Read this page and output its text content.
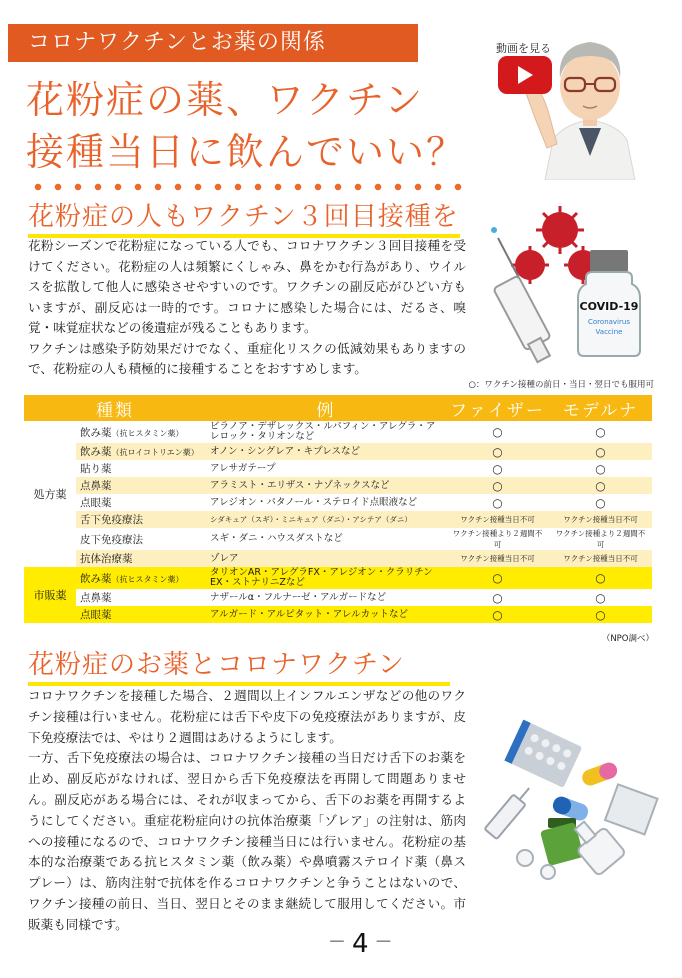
コロナワクチンとお薬の関係
花粉症の薬、ワクチン
接種当日に飲んでいい？
動画を見る
花粉症の人もワクチン３回目接種を

花粉シーズンで花粉症になっている人でも、コロナワクチン３回目接種を受けてください。花粉症の人は頻繁にくしゃみ、鼻をかむ行為があり、ウイルスを拡散して他人に感染させやすいのです。ワクチンの副反応がひどい方もいますが、副反応は一時的です。コロナに感染した場合には、だるさ、嗅覚・味覚症状などの後遺症が残ることもあります。

ワクチンは感染予防効果だけでなく、重症化リスクの低減効果もありますので、花粉症の人も積極的に接種することをおすすめします。

COVID-19
Coronavirus
Vaccine
○：ワクチン接種の前日・当日・翌日でも服用可
種類		例	ファイザー	モデルナ
処方薬	飲み薬（抗ヒスタミン薬）	ビラノア・デザレックス・ルパフィン・アレグラ・アレロック・タリオンなど	○	○
	飲み薬（抗ロイコトリエン薬）	オノン・シングレア・キプレスなど	○	○
	貼り薬	アレサガテープ	○	○
	点鼻薬	アラミスト・エリザス・ナゾネックスなど	○	○
	点眼薬	アレジオン・パタノール・ステロイド点眼液など	○	○
	舌下免疫療法	シダキュア（スギ）・ミニキュア（ダニ）・アシテア（ダニ）	ワクチン接種当日不可	ワクチン接種当日不可
	皮下免疫療法	スギ・ダニ・ハウスダストなど	ワクチン接種より２週間不可	ワクチン接種より２週間不可
	抗体治療薬	ゾレア	ワクチン接種当日不可	ワクチン接種当日不可
市販薬	飲み薬（抗ヒスタミン薬）	タリオンAR・アレグラFX・アレジオン・クラリチンEX・ストナリニZなど	○	○
	点鼻薬	ナザールα・フルナーゼ・アルガードなど	○	○
	点眼薬	アルガード・アルピタット・アレルカットなど	○	○
（NPO調べ）
花粉症のお薬とコロナワクチン

コロナワクチンを接種した場合、２週間以上インフルエンザなどの他のワクチン接種は行いません。花粉症には舌下や皮下の免疫療法がありますが、皮下免疫療法では、やはり２週間はあけるようにします。

一方、舌下免疫療法の場合は、コロナワクチン接種の当日だけ舌下のお薬を止め、副反応がなければ、翌日から舌下免疫療法を再開して問題ありません。副反応がある場合には、それが収まってから、舌下のお薬を再開するようにしてください。重症花粉症向けの抗体治療薬「ゾレア」の注射は、筋肉への接種になるので、コロナワクチン接種当日には行いません。花粉症の基本的な治療薬である抗ヒスタミン薬（飲み薬）や鼻噴霧ステロイド薬（鼻スプレー）は、筋肉注射で抗体を作るコロナワクチンと争うことはないので、ワクチン接種の前日、当日、翌日とそのまま継続して服用してください。市販薬も同様です。

－ 4 －
